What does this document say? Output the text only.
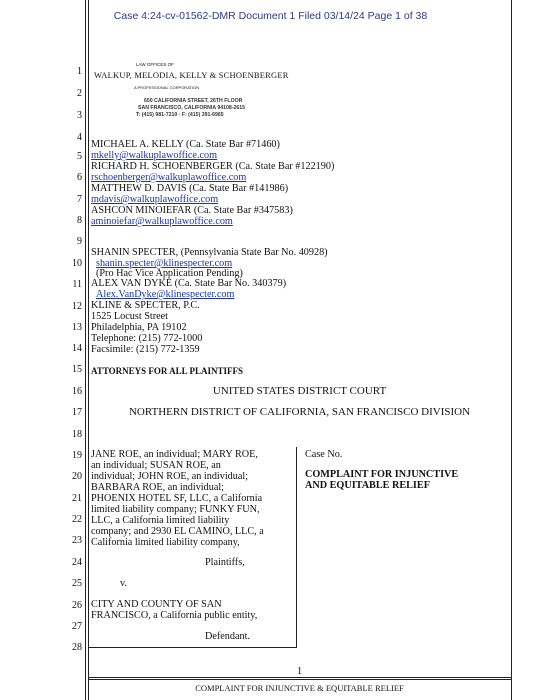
Case 4:24-cv-01562-DMR Document 1 Filed 03/14/24 Page 1 of 38
1
2
3
4
5
6
7
8
9
10
11
12
13
14
15
16
17
18
19
20
21
22
23
24
25
26
27
28
LAW OFFICES OF
WALKUP, MELODIA, KELLY & SCHOENBERGER
A PROFESSIONAL CORPORATION
650 CALIFORNIA STREET, 26TH FLOOR
SAN FRANCISCO, CALIFORNIA 94108-2615
T: (415) 981-7210 · F: (415) 391-6965
MICHAEL A. KELLY (Ca. State Bar #71460)
mkelly@walkuplawoffice.com
RICHARD H. SCHOENBERGER (Ca. State Bar #122190)
rschoenberger@walkuplawoffice.com
MATTHEW D. DAVIS (Ca. State Bar #141986)
mdavis@walkuplawoffice.com
ASHCON MINOIEFAR (Ca. State Bar #347583)
aminoiefar@walkuplawoffice.com
SHANIN SPECTER, (Pennsylvania State Bar No. 40928)
shanin.specter@klinespecter.com
(Pro Hac Vice Application Pending)
ALEX VAN DYKE (Ca. State Bar No. 340379)
Alex.VanDyke@klinespecter.com
KLINE & SPECTER, P.C.
1525 Locust Street
Philadelphia, PA 19102
Telephone: (215) 772-1000
Facsimile: (215) 772-1359
ATTORNEYS FOR ALL PLAINTIFFS
UNITED STATES DISTRICT COURT
NORTHERN DISTRICT OF CALIFORNIA, SAN FRANCISCO DIVISION
JANE ROE, an individual; MARY ROE,
an individual; SUSAN ROE, an
individual; JOHN ROE, an individual;
BARBARA ROE, an individual;
PHOENIX HOTEL SF, LLC, a California
limited liability company; FUNKY FUN,
LLC, a California limited liability
company; and 2930 EL CAMINO, LLC, a
California limited liability company,
Plaintiffs,
v.
CITY AND COUNTY OF SAN
FRANCISCO, a California public entity,
Defendant.
Case No.
COMPLAINT FOR INJUNCTIVE
AND EQUITABLE RELIEF
1
COMPLAINT FOR INJUNCTIVE & EQUITABLE RELIEF
